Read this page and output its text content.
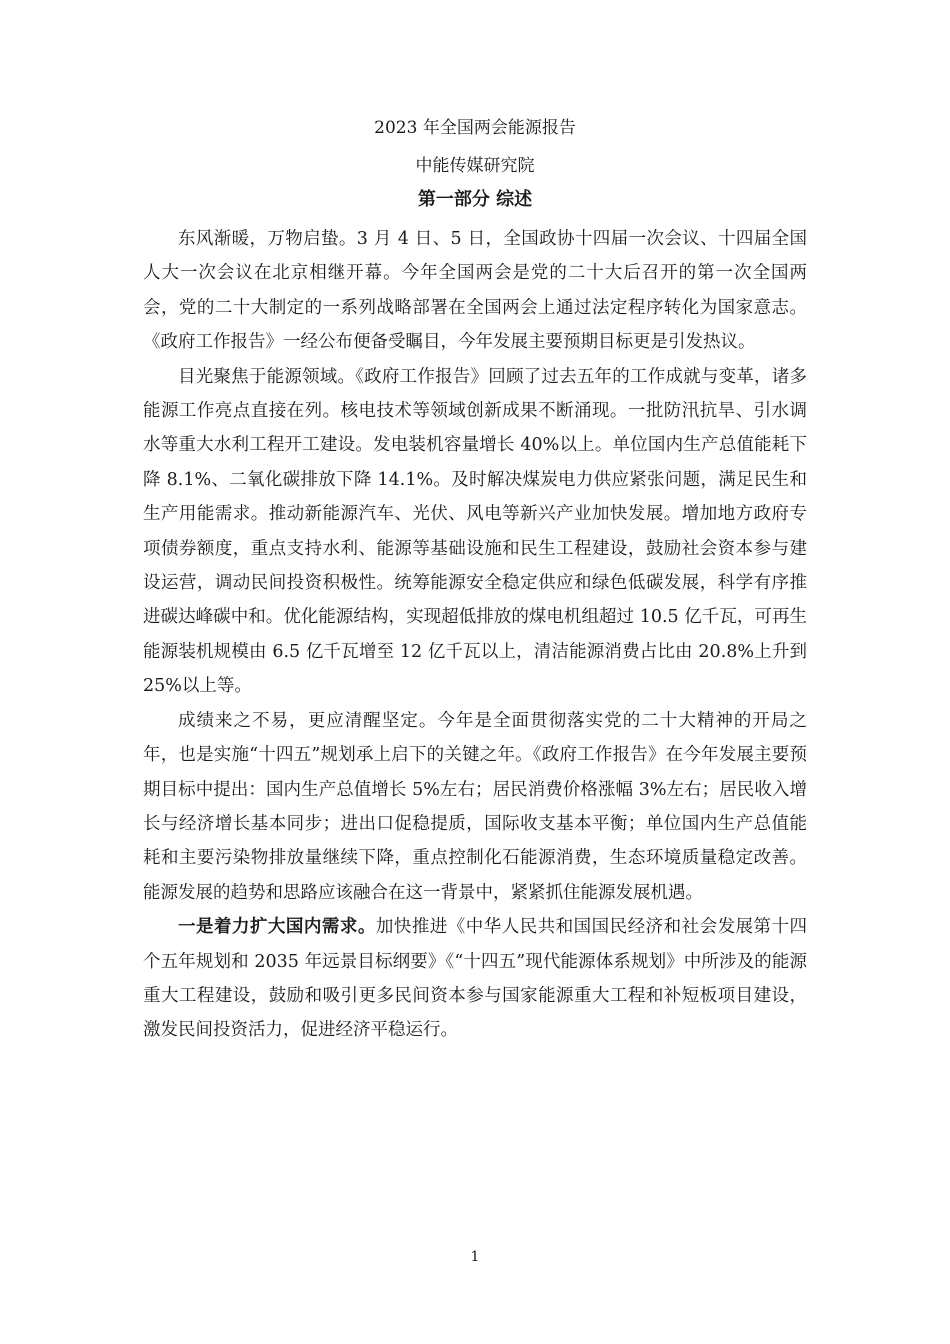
2023 年全国两会能源报告
中能传媒研究院
第一部分 综述

东风渐暖，万物启蛰。3 月 4 日、5 日，全国政协十四届一次会议、十四届全国人大一次会议在北京相继开幕。今年全国两会是党的二十大后召开的第一次全国两会，党的二十大制定的一系列战略部署在全国两会上通过法定程序转化为国家意志。《政府工作报告》一经公布便备受瞩目，今年发展主要预期目标更是引发热议。

目光聚焦于能源领域。《政府工作报告》回顾了过去五年的工作成就与变革，诸多能源工作亮点直接在列。核电技术等领域创新成果不断涌现。一批防汛抗旱、引水调水等重大水利工程开工建设。发电装机容量增长 40%以上。单位国内生产总值能耗下降 8.1%、二氧化碳排放下降 14.1%。及时解决煤炭电力供应紧张问题，满足民生和生产用能需求。推动新能源汽车、光伏、风电等新兴产业加快发展。增加地方政府专项债券额度，重点支持水利、能源等基础设施和民生工程建设，鼓励社会资本参与建设运营，调动民间投资积极性。统筹能源安全稳定供应和绿色低碳发展，科学有序推进碳达峰碳中和。优化能源结构，实现超低排放的煤电机组超过 10.5 亿千瓦，可再生能源装机规模由 6.5 亿千瓦增至 12 亿千瓦以上，清洁能源消费占比由 20.8%上升到 25%以上等。

成绩来之不易，更应清醒坚定。今年是全面贯彻落实党的二十大精神的开局之年，也是实施“十四五”规划承上启下的关键之年。《政府工作报告》在今年发展主要预期目标中提出：国内生产总值增长 5%左右；居民消费价格涨幅 3%左右；居民收入增长与经济增长基本同步；进出口促稳提质，国际收支基本平衡；单位国内生产总值能耗和主要污染物排放量继续下降，重点控制化石能源消费，生态环境质量稳定改善。能源发展的趋势和思路应该融合在这一背景中，紧紧抓住能源发展机遇。

一是着力扩大国内需求。加快推进《中华人民共和国国民经济和社会发展第十四个五年规划和 2035 年远景目标纲要》《“十四五”现代能源体系规划》中所涉及的能源重大工程建设，鼓励和吸引更多民间资本参与国家能源重大工程和补短板项目建设，激发民间投资活力，促进经济平稳运行。

1
